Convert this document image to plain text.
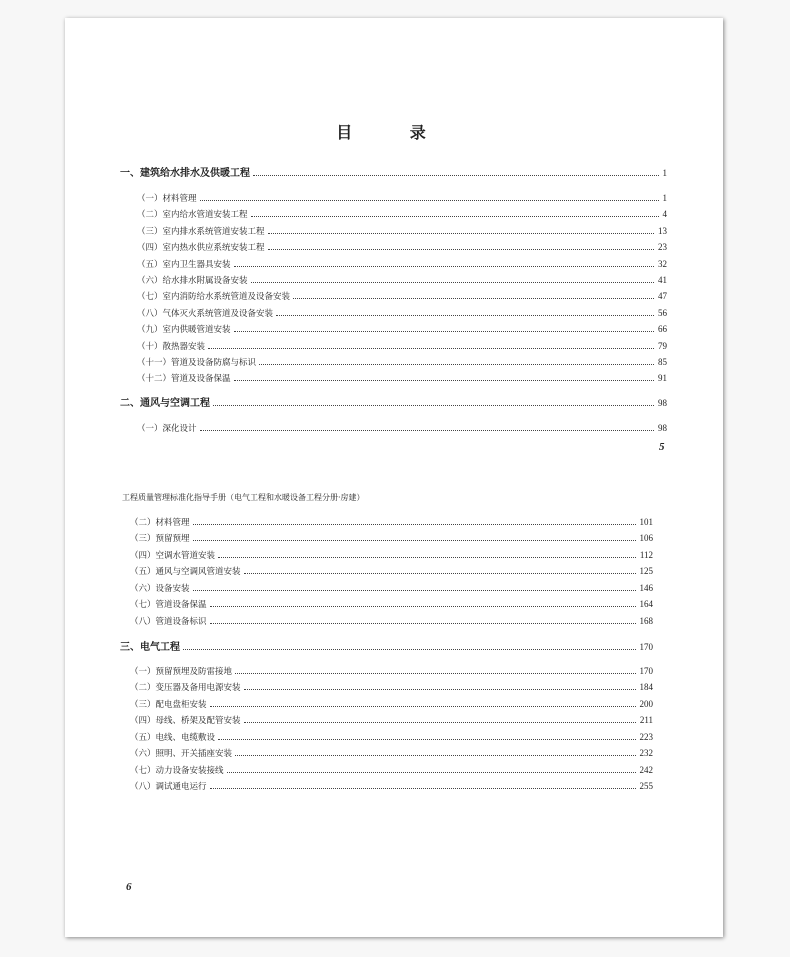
目 录
一、建筑给水排水及供暖工程	1
（一）材料管理	1
（二）室内给水管道安装工程	4
（三）室内排水系统管道安装工程	13
（四）室内热水供应系统安装工程	23
（五）室内卫生器具安装	32
（六）给水排水附属设备安装	41
（七）室内消防给水系统管道及设备安装	47
（八）气体灭火系统管道及设备安装	56
（九）室内供暖管道安装	66
（十）散热器安装	79
（十一）管道及设备防腐与标识	85
（十二）管道及设备保温	91
二、通风与空调工程	98
（一）深化设计	98
5
工程质量管理标准化指导手册（电气工程和水暖设备工程分册·房建）
（二）材料管理	101
（三）预留预埋	106
（四）空调水管道安装	112
（五）通风与空调风管道安装	125
（六）设备安装	146
（七）管道设备保温	164
（八）管道设备标识	168
三、电气工程	170
（一）预留预埋及防雷接地	170
（二）变压器及备用电源安装	184
（三）配电盘柜安装	200
（四）母线、桥架及配管安装	211
（五）电线、电缆敷设	223
（六）照明、开关插座安装	232
（七）动力设备安装接线	242
（八）调试通电运行	255
6
